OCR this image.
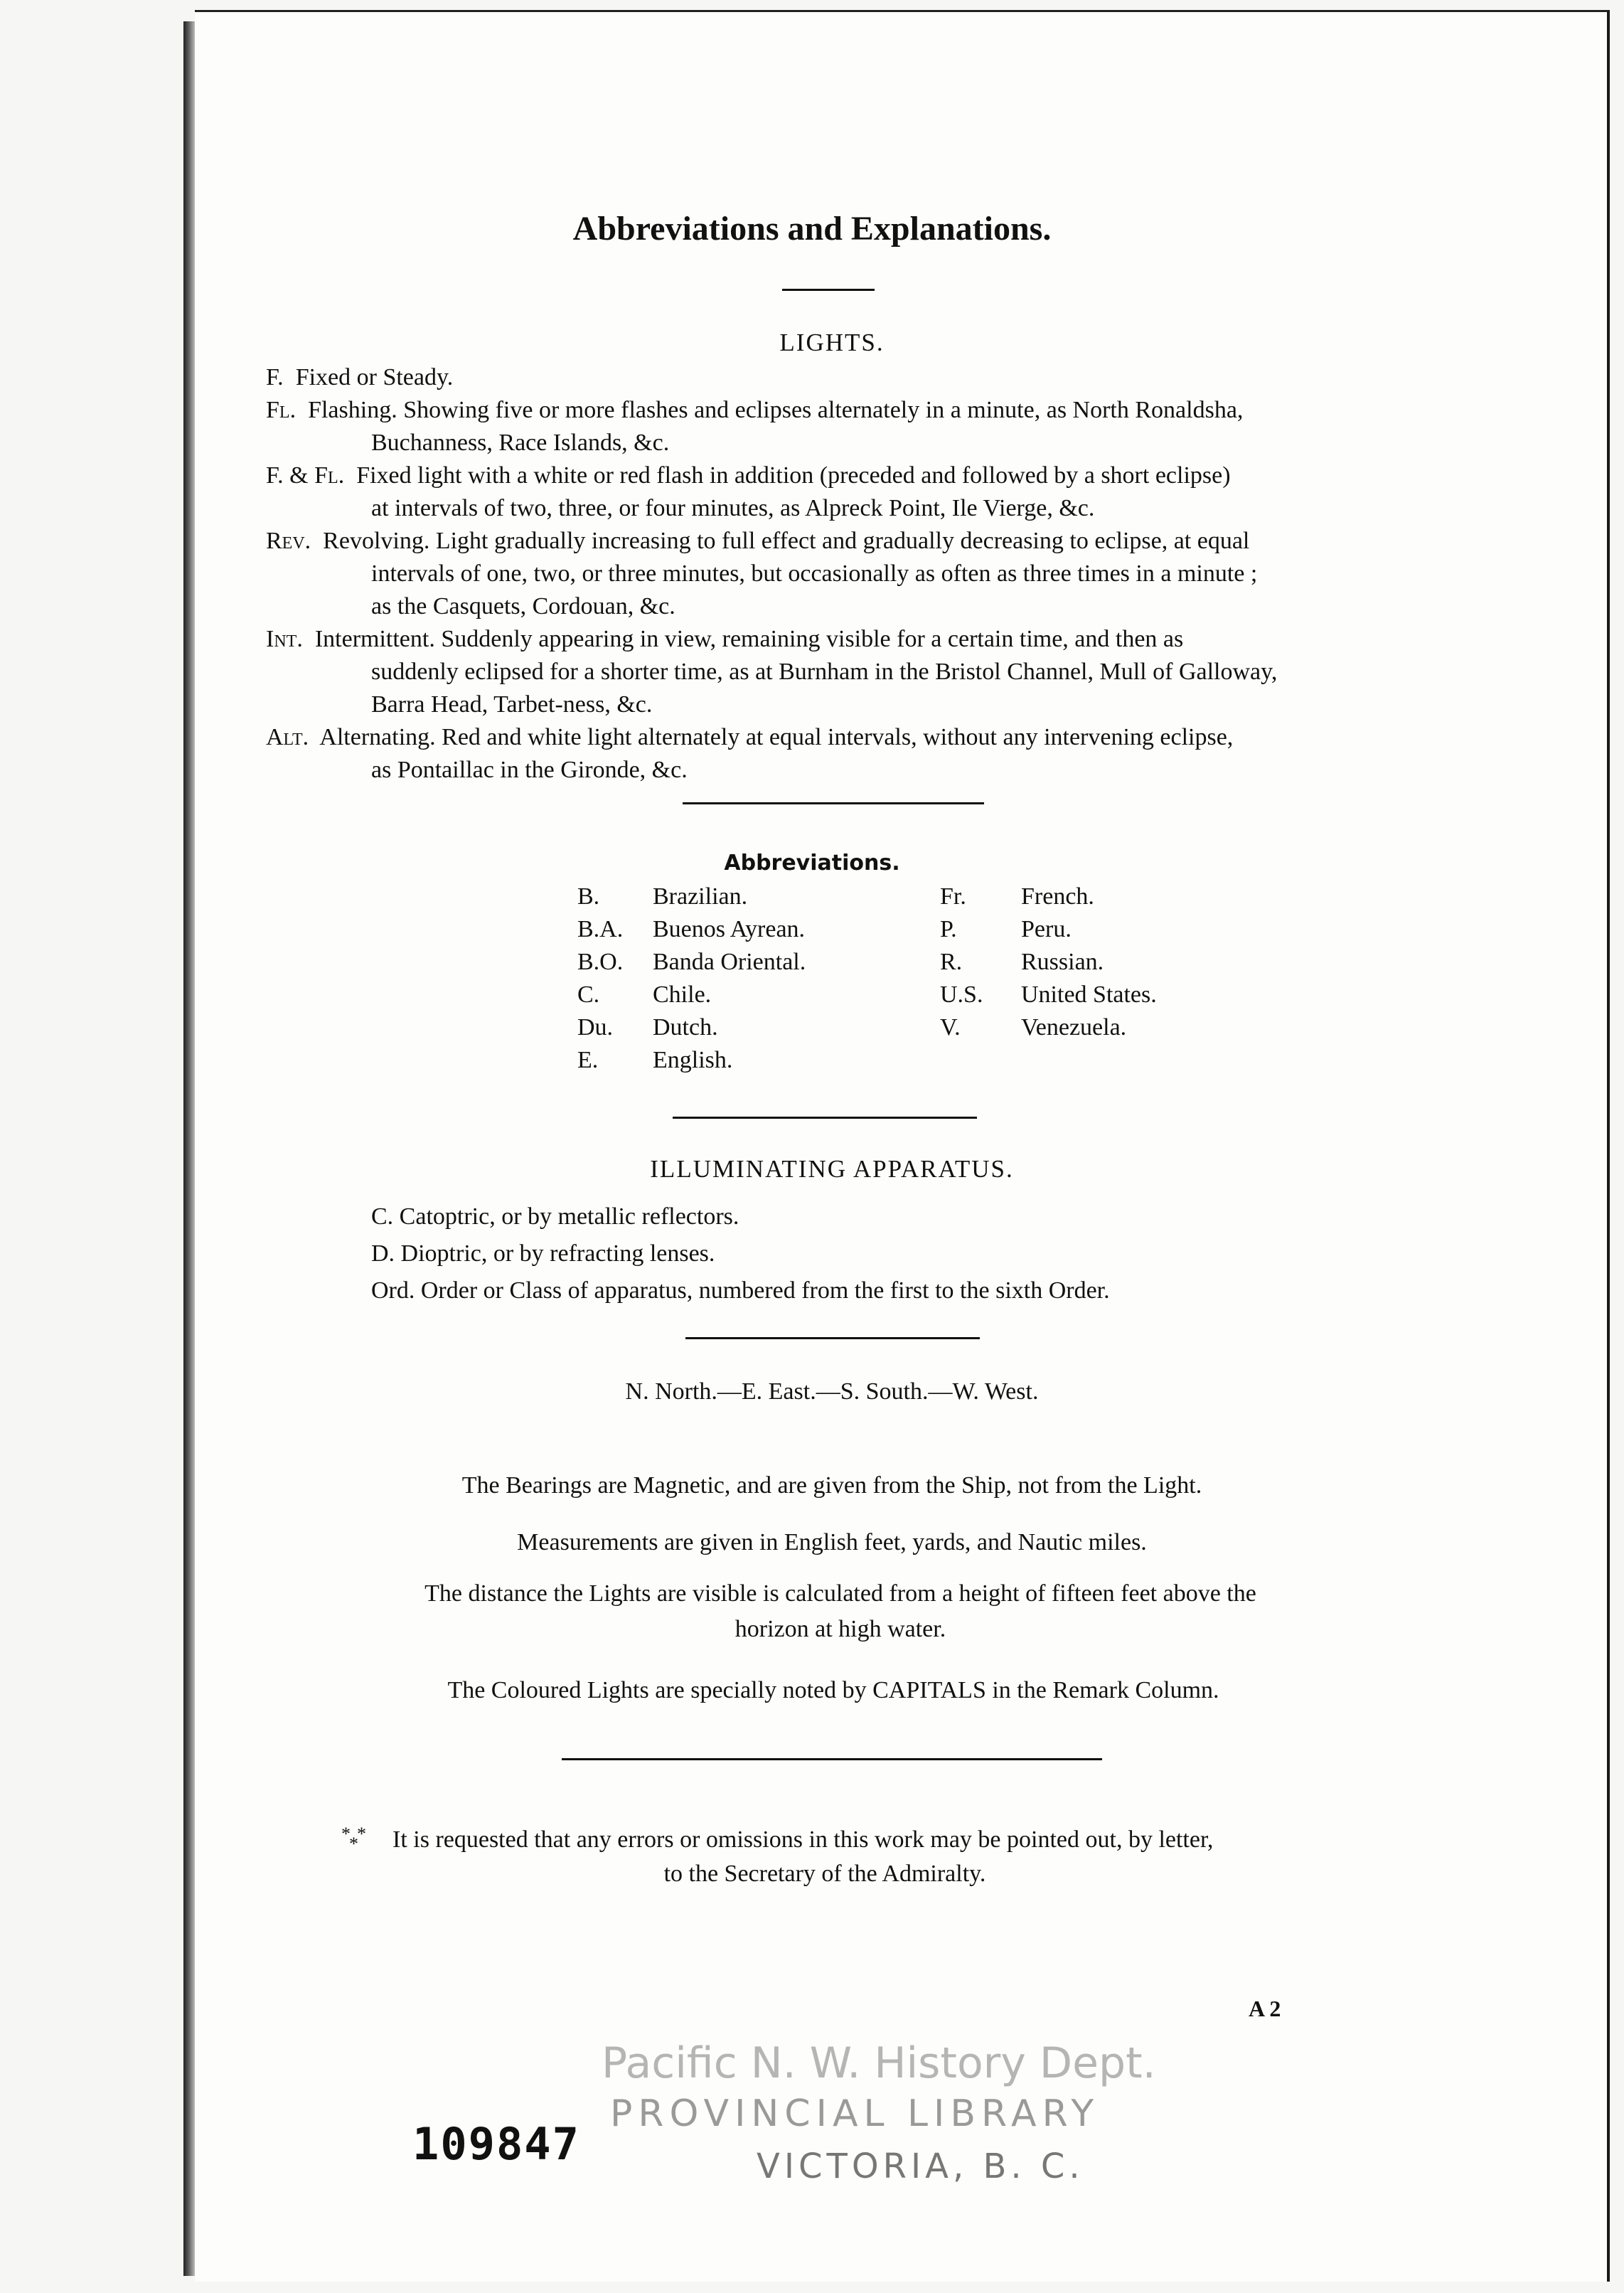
Abbreviations and Explanations.
LIGHTS.
F. Fixed or Steady.
Fl. Flashing. Showing five or more flashes and eclipses alternately in a minute, as North Ronaldsha,
Buchanness, Race Islands, &c.
F. & Fl. Fixed light with a white or red flash in addition (preceded and followed by a short eclipse)
at intervals of two, three, or four minutes, as Alpreck Point, Ile Vierge, &c.
Rev. Revolving. Light gradually increasing to full effect and gradually decreasing to eclipse, at equal
intervals of one, two, or three minutes, but occasionally as often as three times in a minute ;
as the Casquets, Cordouan, &c.
Int. Intermittent. Suddenly appearing in view, remaining visible for a certain time, and then as
suddenly eclipsed for a shorter time, as at Burnham in the Bristol Channel, Mull of Galloway,
Barra Head, Tarbet-ness, &c.
Alt. Alternating. Red and white light alternately at equal intervals, without any intervening eclipse,
as Pontaillac in the Gironde, &c.
Abbreviations.
B. Brazilian.
B.A. Buenos Ayrean.
B.O. Banda Oriental.
C. Chile.
Du. Dutch.
E. English.
Fr. French.
P.	Peru.
R. Russian.
U.S. United States.
V.	Venezuela.
ILLUMINATING APPARATUS.
C. Catoptric, or by metallic reflectors.
D. Dioptric, or by refracting lenses.
Ord. Order or Class of apparatus, numbered from the first to the sixth Order.
N. North.—E. East.—S. South.—W. West.
The Bearings are Magnetic, and are given from the Ship, not from the Light.
Measurements are given in English feet, yards, and Nautic miles.
The distance the Lights are visible is calculated from a height of fifteen feet above the
horizon at high water.
The Coloured Lights are specially noted by CAPITALS in the Remark Column.
* *
* It is requested that any errors or omissions in this work may be pointed out, by letter,
to the Secretary of the Admiralty.
A 2
109847
Pacific N. W. History Dept.
PROVINCIAL LIBRARY
VICTORIA, B. C.
